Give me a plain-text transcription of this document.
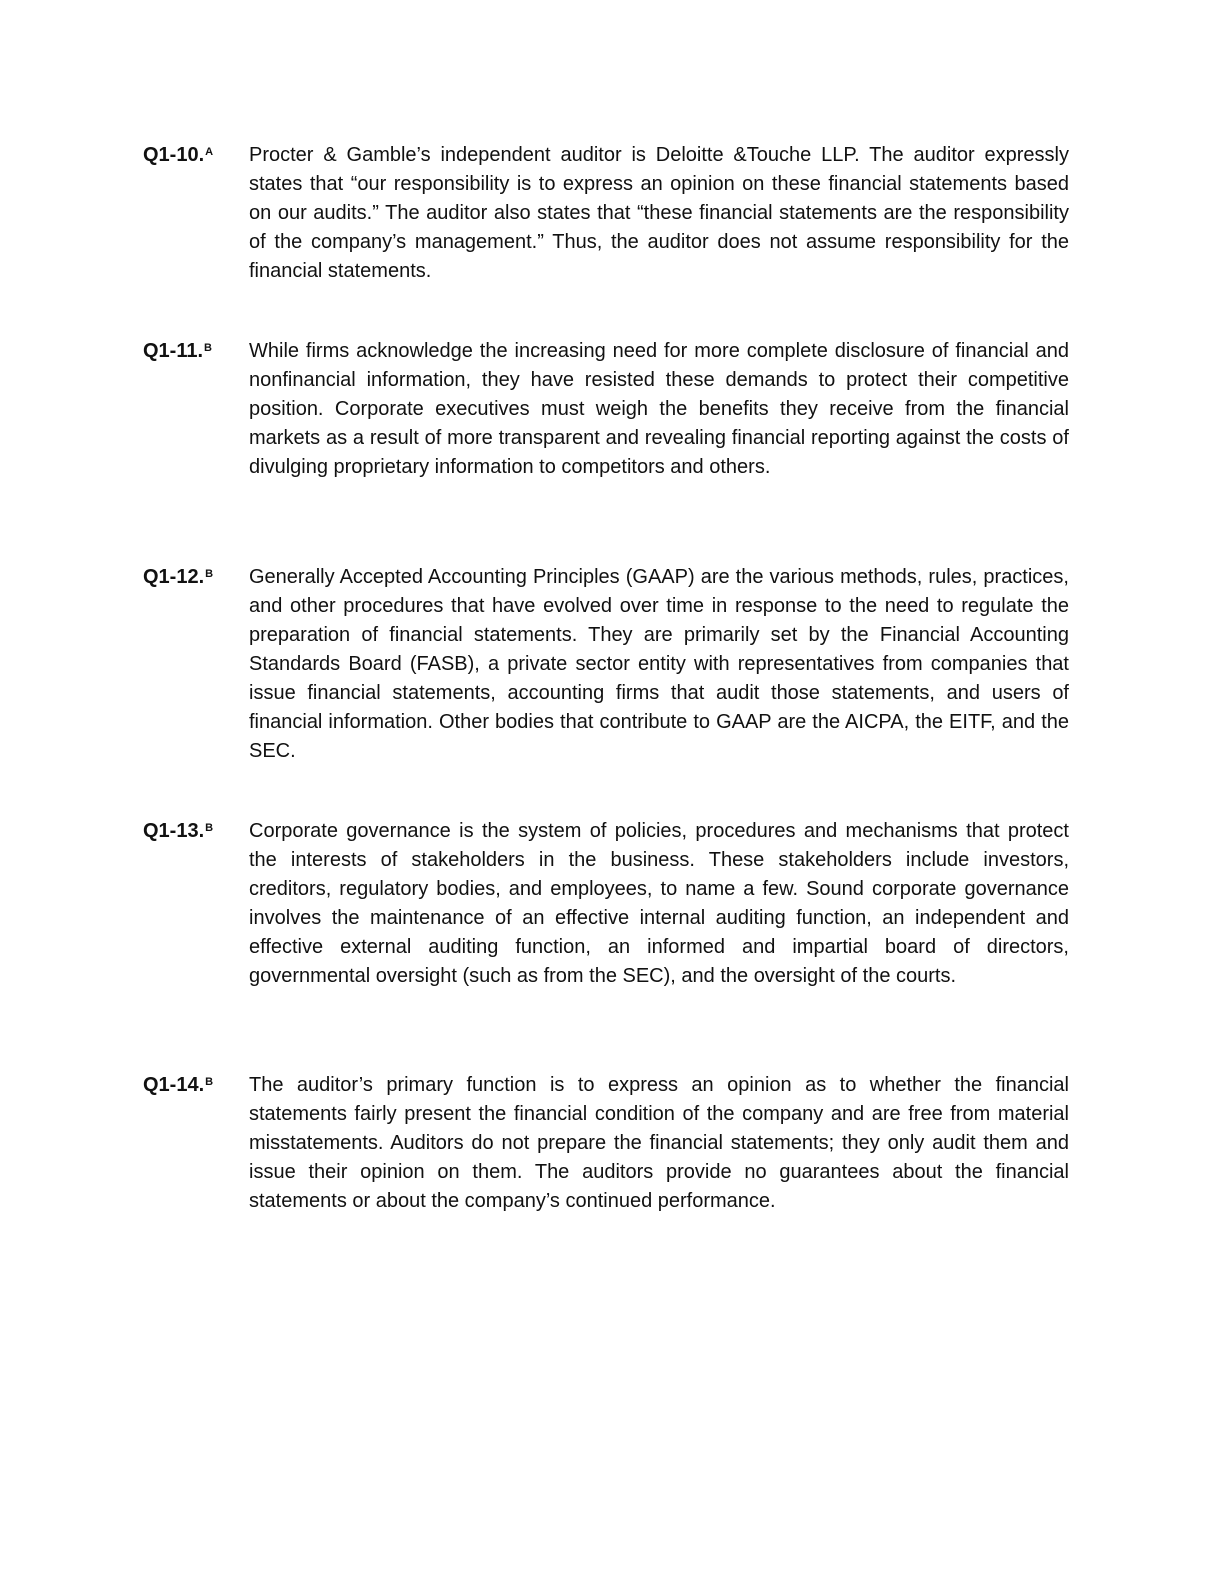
Q1-10.$^A$ Procter & Gamble’s independent auditor is Deloitte &Touche LLP. The auditor expressly states that “our responsibility is to express an opinion on these financial statements based on our audits.” The auditor also states that “these financial statements are the responsibility of the company’s management.” Thus, the auditor does not assume responsibility for the financial statements.

Q1-11.$^B$ While firms acknowledge the increasing need for more complete disclosure of financial and nonfinancial information, they have resisted these demands to protect their competitive position. Corporate executives must weigh the benefits they receive from the financial markets as a result of more transparent and revealing financial reporting against the costs of divulging proprietary information to competitors and others.

Q1-12.$^B$ Generally Accepted Accounting Principles (GAAP) are the various methods, rules, practices, and other procedures that have evolved over time in response to the need to regulate the preparation of financial statements. They are primarily set by the Financial Accounting Standards Board (FASB), a private sector entity with representatives from companies that issue financial statements, accounting firms that audit those statements, and users of financial information. Other bodies that contribute to GAAP are the AICPA, the EITF, and the SEC.

Q1-13.$^B$ Corporate governance is the system of policies, procedures and mechanisms that protect the interests of stakeholders in the business. These stakeholders include investors, creditors, regulatory bodies, and employees, to name a few. Sound corporate governance involves the maintenance of an effective internal auditing function, an independent and effective external auditing function, an informed and impartial board of directors, governmental oversight (such as from the SEC), and the oversight of the courts.

Q1-14.$^B$ The auditor’s primary function is to express an opinion as to whether the financial statements fairly present the financial condition of the company and are free from material misstatements. Auditors do not prepare the financial statements; they only audit them and issue their opinion on them. The auditors provide no guarantees about the financial statements or about the company’s continued performance.
